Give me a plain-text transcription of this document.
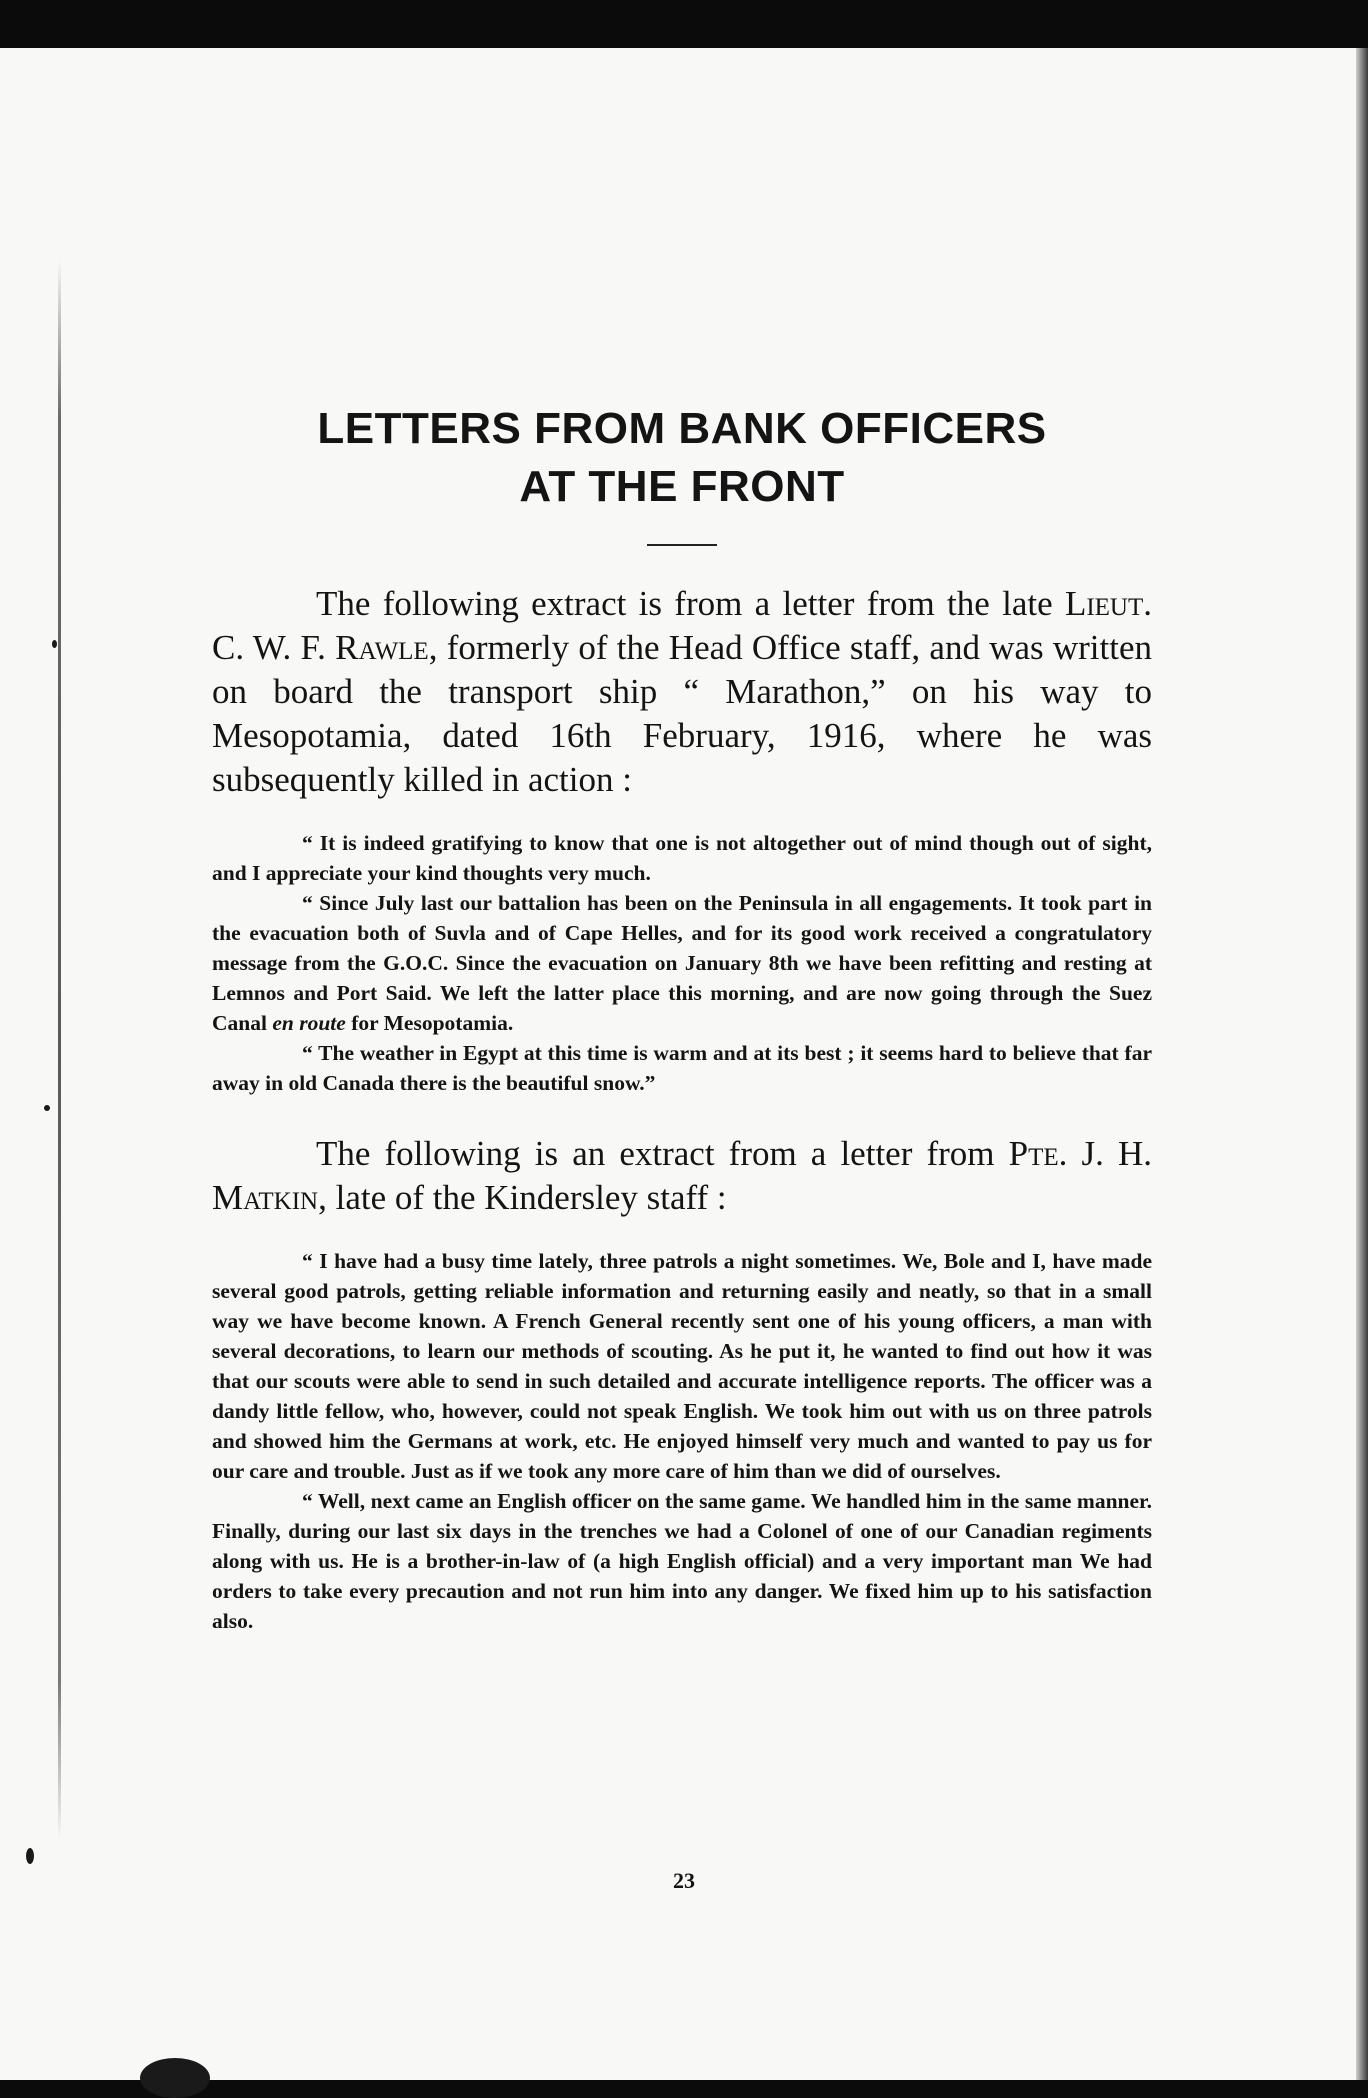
LETTERS FROM BANK OFFICERS
AT THE FRONT

The following extract is from a letter from the late Lieut. C. W. F. Rawle, formerly of the Head Office staff, and was written on board the transport ship “ Marathon,” on his way to Mesopotamia, dated 16th February, 1916, where he was subsequently killed in action :

“ It is indeed gratifying to know that one is not altogether out of mind though out of sight, and I appreciate your kind thoughts very much.

“ Since July last our battalion has been on the Peninsula in all engagements. It took part in the evacuation both of Suvla and of Cape Helles, and for its good work received a congratulatory message from the G.O.C. Since the evacuation on January 8th we have been refitting and resting at Lemnos and Port Said. We left the latter place this morning, and are now going through the Suez Canal en route for Mesopotamia.

“ The weather in Egypt at this time is warm and at its best ; it seems hard to believe that far away in old Canada there is the beautiful snow.”

The following is an extract from a letter from Pte. J. H. Matkin, late of the Kindersley staff :

“ I have had a busy time lately, three patrols a night sometimes. We, Bole and I, have made several good patrols, getting reliable information and returning easily and neatly, so that in a small way we have become known. A French General recently sent one of his young officers, a man with several decorations, to learn our methods of scouting. As he put it, he wanted to find out how it was that our scouts were able to send in such detailed and accurate intelligence reports. The officer was a dandy little fellow, who, however, could not speak English. We took him out with us on three patrols and showed him the Germans at work, etc. He enjoyed himself very much and wanted to pay us for our care and trouble. Just as if we took any more care of him than we did of ourselves.

“ Well, next came an English officer on the same game. We handled him in the same manner. Finally, during our last six days in the trenches we had a Colonel of one of our Canadian regiments along with us. He is a brother-in-law of (a high English official) and a very important man We had orders to take every precaution and not run him into any danger. We fixed him up to his satisfaction also.

23
